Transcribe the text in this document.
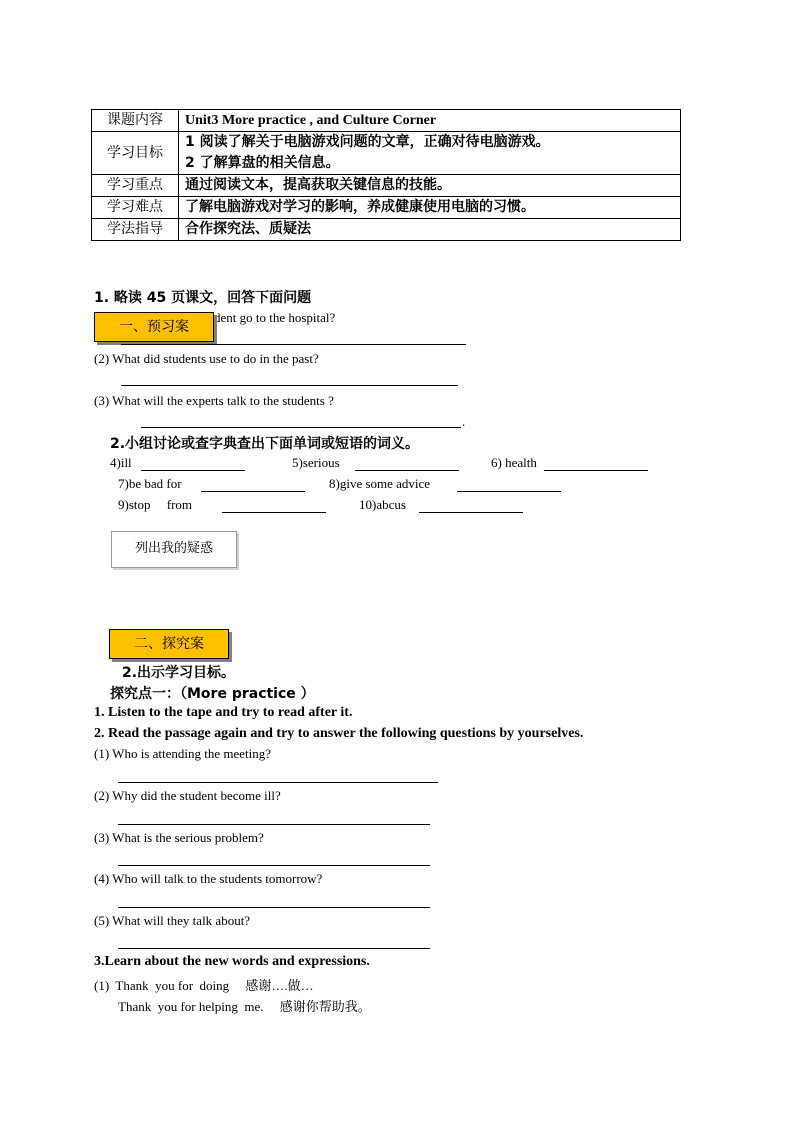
课题内容	Unit3 More practice , and Culture Corner
学习目标	1 阅读了解关于电脑游戏问题的文章，正确对待电脑游戏。
2 了解算盘的相关信息。

学习重点	通过阅读文本，提高获取关键信息的技能。
学习难点	了解电脑游戏对学习的影响，养成健康使用电脑的习惯。
学法指导	合作探究法、质疑法
1. 略读 45 页课文，回答下面问题
dent go to the hospital?
一、预习案
(2) What did students use to do in the past?
(3) What will the experts talk to the students ?
.
2.小组讨论或查字典查出下面单词或短语的词义。
4)ill	5)serious	6) health
7)be bad for	8)give some advice
9)stop     from	10)abcus
列出我的疑惑
二、探究案
2.出示学习目标。
探究点一：（More practice ）
1. Listen to the tape and try to read after it.
2. Read the passage again and try to answer the following questions by yourselves.
(1) Who is attending the meeting?
(2) Why did the student become ill?
(3) What is the serious problem?
(4) Who will talk to the students tomorrow?
(5) What will they talk about?
3.Learn about the new words and expressions.
(1)  Thank  you for  doing     感谢….做…
Thank  you for helping  me.     感谢你帮助我。
